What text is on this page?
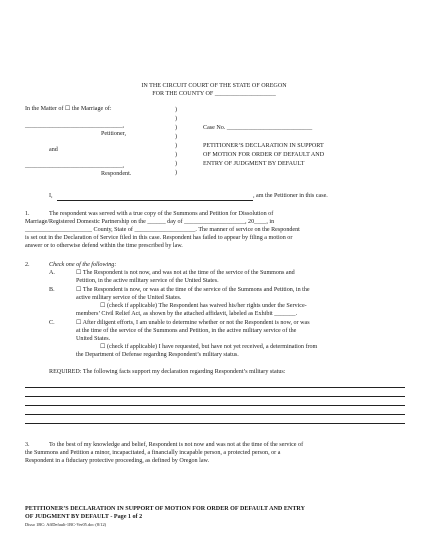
IN THE CIRCUIT COURT OF THE STATE OF OREGON
FOR THE COUNTY OF ____________________
In the Matter of ☐ the Marriage of:
________________________________,
Petitioner,
and
________________________________,
Respondent.
)
)
)
)
)
)
)
)
Case No. ____________________________
PETITIONER’S DECLARATION IN SUPPORT
OF MOTION FOR ORDER OF DEFAULT AND
ENTRY OF JUDGMENT BY DEFAULT
I,	, am the Petitioner in this case.
1.	The respondent was served with a true copy of the Summons and Petition for Dissolution of
Marriage/Registered Domestic Partnership on the ______ day of ____________________, 20____, in
______________________ County, State of ____________________. The manner of service on the Respondent
is set out in the Declaration of Service filed in this case. Respondent has failed to appear by filing a motion or
answer or to otherwise defend within the time prescribed by law.
2.	Check one of the following:
A.	☐ The Respondent is not now, and was not at the time of the service of the Summons and
Petition, in the active military service of the United States.
B.	☐ The Respondent is now, or was at the time of the service of the Summons and Petition, in the
active military service of the United States.
☐ (check if applicable) The Respondent has waived his/her rights under the Service-
members’ Civil Relief Act, as shown by the attached affidavit, labeled as Exhibit _______.
C.	☐ After diligent efforts, I am unable to determine whether or not the Respondent is now, or was
at the time of the service of the Summons and Petition, in the active military service of the
United States.
☐ (check if applicable) I have requested, but have not yet received, a determination from
the Department of Defense regarding Respondent’s military status.
REQUIRED: The following facts support my declaration regarding Respondent’s military status:
3.	To the best of my knowledge and belief, Respondent is not now and was not at the time of the service of
the Summons and Petition a minor, incapacitated, a financially incapable person, a protected person, or a
Respondent in a fiduciary protective proceeding, as defined by Oregon law.
PETITIONER’S DECLARATION IN SUPPORT OF MOTION FOR ORDER OF DEFAULT AND ENTRY
OF JUDGMENT BY DEFAULT - Page 1 of 2
Disso 1BC: AffDefault-1BC-Ver05.doc (8/12)
